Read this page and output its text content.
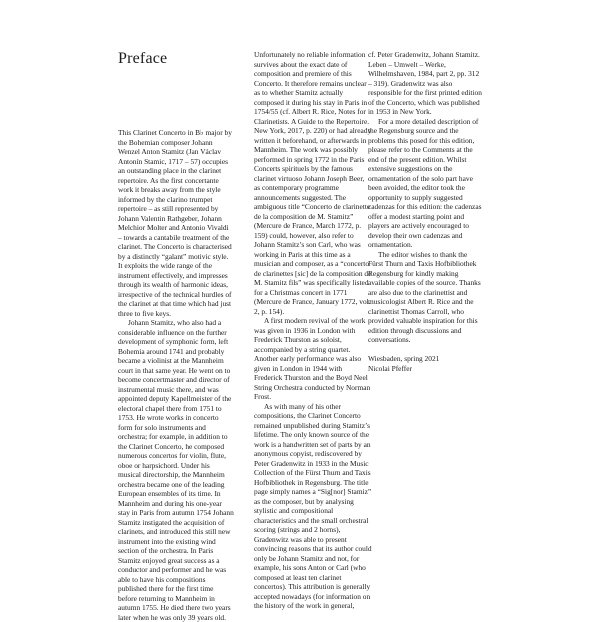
Preface

This Clarinet Concerto in B♭ major by the Bohemian composer Johann Wenzel Anton Stamitz (Jan Václav Antonín Stamic, 1717 – 57) occupies an outstanding place in the clarinet repertoire. As the first concertante work it breaks away from the style informed by the clarino trumpet repertoire – as still represented by Johann Valentin Rathgeber, Johann Melchior Molter and Antonio Vivaldi – towards a cantabile treatment of the clarinet. The Concerto is characterised by a distinctly “galant” motivic style. It exploits the wide range of the instrument effectively, and impresses through its wealth of harmonic ideas, irrespective of the technical hurdles of the clarinet at that time which had just three to five keys.

Johann Stamitz, who also had a considerable influence on the further development of symphonic form, left Bohemia around 1741 and probably became a violinist at the Mannheim court in that same year. He went on to become concertmaster and director of instrumental music there, and was appointed deputy Kapellmeister of the electoral chapel there from 1751 to 1753. He wrote works in concerto form for solo instruments and orchestra; for example, in addition to the Clarinet Concerto, he composed numerous concertos for violin, flute, oboe or harpsichord. Under his musical directorship, the Mannheim orchestra became one of the leading European ensembles of its time. In Mannheim and during his one-year stay in Paris from autumn 1754 Johann Stamitz instigated the acquisition of clarinets, and introduced this still new instrument into the existing wind section of the orchestra. In Paris Stamitz enjoyed great success as a conductor and performer and he was able to have his compositions published there for the first time before returning to Mannheim in autumn 1755. He died there two years later when he was only 39 years old.

Unfortunately no reliable information survives about the exact date of composition and premiere of this Concerto. It therefore remains unclear as to whether Stamitz actually composed it during his stay in Paris in 1754/55 (cf. Albert R. Rice, Notes for Clarinetists. A Guide to the Repertoire. New York, 2017, p. 220) or had already written it beforehand, or afterwards in Mannheim. The work was possibly performed in spring 1772 in the Paris Concerts spirituels by the famous clarinet virtuoso Johann Joseph Beer, as contemporary programme announcements suggested. The ambiguous title “Concerto de clarinette de la composition de M. Stamitz” (Mercure de France, March 1772, p. 159) could, however, also refer to Johann Stamitz’s son Carl, who was working in Paris at this time as a musician and composer, as a “concerto de clarinettes [sic] de la composition de M. Stamitz fils” was specifically listed for a Christmas concert in 1771 (Mercure de France, January 1772, vol. 2, p. 154).

A first modern revival of the work was given in 1936 in London with Frederick Thurston as soloist, accompanied by a string quartet. Another early performance was also given in London in 1944 with Frederick Thurston and the Boyd Neel String Orchestra conducted by Norman Frost.

As with many of his other compositions, the Clarinet Concerto remained unpublished during Stamitz’s lifetime. The only known source of the work is a handwritten set of parts by an anonymous copyist, rediscovered by Peter Gradenwitz in 1933 in the Music Collection of the Fürst Thurn and Taxis Hofbibliothek in Regensburg. The title page simply names a “Sig[nor] Stamiz” as the composer, but by analysing stylistic and compositional characteristics and the small orchestral scoring (strings and 2 horns), Gradenwitz was able to present convincing reasons that its author could only be Johann Stamitz and not, for example, his sons Anton or Carl (who composed at least ten clarinet concertos). This attribution is generally accepted nowadays (for information on the history of the work in general,

cf. Peter Gradenwitz, Johann Stamitz. Leben – Umwelt – Werke, Wilhelmshaven, 1984, part 2, pp. 312 – 319). Gradenwitz was also responsible for the first printed edition of the Concerto, which was published in 1953 in New York.

For a more detailed description of the Regensburg source and the problems this posed for this edition, please refer to the Comments at the end of the present edition. Whilst extensive suggestions on the ornamentation of the solo part have been avoided, the editor took the opportunity to supply suggested cadenzas for this edition: the cadenzas offer a modest starting point and players are actively encouraged to develop their own cadenzas and ornamentation.

The editor wishes to thank the Fürst Thurn and Taxis Hofbibliothek Regensburg for kindly making available copies of the source. Thanks are also due to the clarinettist and musicologist Albert R. Rice and the clarinettist Thomas Carroll, who provided valuable inspiration for this edition through discussions and conversations.

Wiesbaden, spring 2021
Nicolai Pfeffer
